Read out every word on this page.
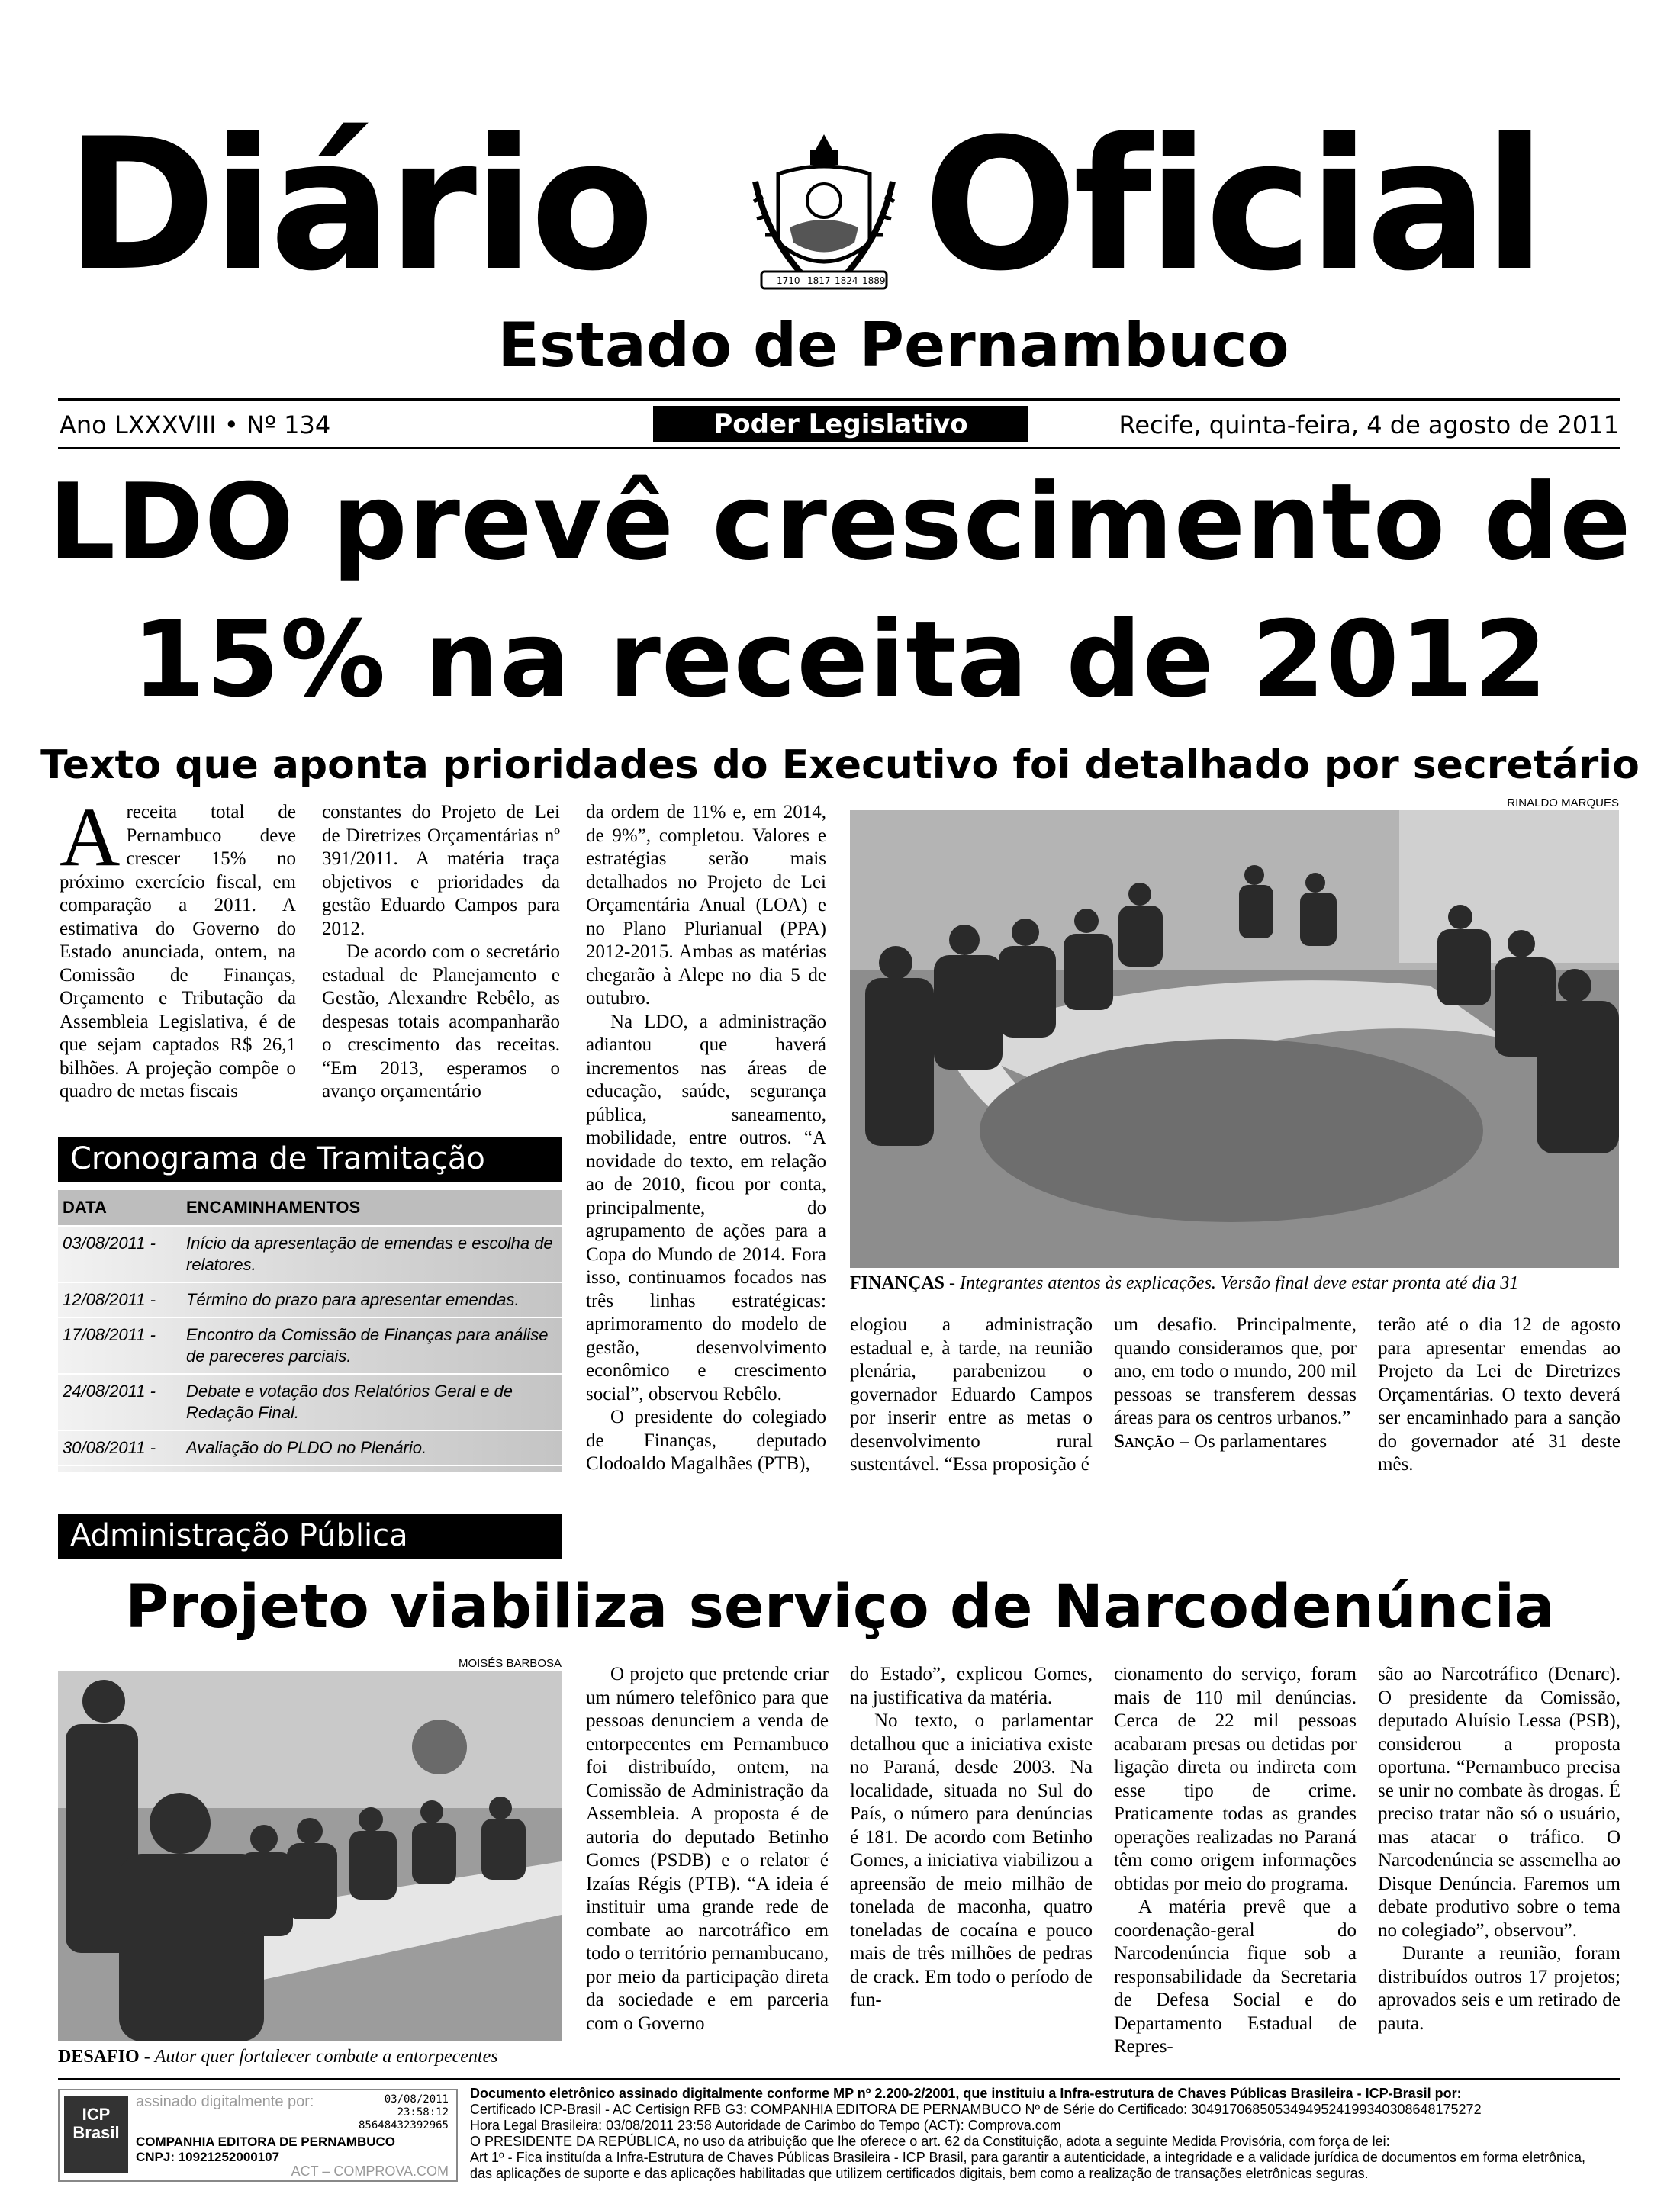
Diário	1710 1817 1824 1889 Oficial
Estado de Pernambuco
Ano LXXXVIII • Nº 134	Poder Legislativo	Recife, quinta-feira, 4 de agosto de 2011
LDO prevê crescimento de
15% na receita de 2012
Texto que aponta prioridades do Executivo foi detalhado por secretário

Areceita total de Pernambuco deve crescer 15% no próximo exercício fiscal, em comparação a 2011. A estimativa do Governo do Estado anunciada, ontem, na Comissão de Finanças, Orçamento e Tributação da Assembleia Legislativa, é de que sejam captados R$ 26,1 bilhões. A projeção compõe o quadro de metas fiscais

constantes do Projeto de Lei de Diretrizes Orçamentárias nº 391/2011. A matéria traça objetivos e prioridades da gestão Eduardo Campos para 2012.

De acordo com o secretário estadual de Planejamento e Gestão, Alexandre Rebêlo, as despesas totais acompanharão o crescimento das receitas. “Em 2013, esperamos o avanço orçamentário

Cronograma de Tramitação
DATA	ENCAMINHAMENTOS
03/08/2011 -	Início da apresentação de emendas e escolha de relatores.
12/08/2011 -	Término do prazo para apresentar emendas.
17/08/2011 -	Encontro da Comissão de Finanças para análise de pareceres parciais.
24/08/2011 -	Debate e votação dos Relatórios Geral e de Redação Final.
30/08/2011 -	Avaliação do PLDO no Plenário.

da ordem de 11% e, em 2014, de 9%”, completou. Valores e estratégias serão mais detalhados no Projeto de Lei Orçamentária Anual (LOA) e no Plano Plurianual (PPA) 2012-2015. Ambas as matérias chegarão à Alepe no dia 5 de outubro.

Na LDO, a administração adiantou que haverá incrementos nas áreas de educação, saúde, segurança pública, saneamento, mobilidade, entre outros. “A novidade do texto, em relação ao de 2010, ficou por conta, principalmente, do agrupamento de ações para a Copa do Mundo de 2014. Fora isso, continuamos focados nas três linhas estratégicas: aprimoramento do modelo de gestão, desenvolvimento econômico e crescimento social”, observou Rebêlo.

O presidente do colegiado de Finanças, deputado Clodoaldo Magalhães (PTB),

RINALDO MARQUES
FINANÇAS - Integrantes atentos às explicações. Versão final deve estar pronta até dia 31

elogiou a administração estadual e, à tarde, na reunião plenária, parabenizou o governador Eduardo Campos por inserir entre as metas o desenvolvimento rural sustentável. “Essa proposição é

um desafio. Principalmente, quando consideramos que, por ano, em todo o mundo, 200 mil pessoas se transferem dessas áreas para os centros urbanos.”

Sanção – Os parlamentares

terão até o dia 12 de agosto para apresentar emendas ao Projeto da Lei de Diretrizes Orçamentárias. O texto deverá ser encaminhado para a sanção do governador até 31 deste mês.

Administração Pública
Projeto viabiliza serviço de Narcodenúncia
MOISÉS BARBOSA
DESAFIO - Autor quer fortalecer combate a entorpecentes

O projeto que pretende criar um número telefônico para que pessoas denunciem a venda de entorpecentes em Pernambuco foi distribuído, ontem, na Comissão de Administração da Assembleia. A proposta é de autoria do deputado Betinho Gomes (PSDB) e o relator é Izaías Régis (PTB). “A ideia é instituir uma grande rede de combate ao narcotráfico em todo o território pernambucano, por meio da participação direta da sociedade e em parceria com o Governo

do Estado”, explicou Gomes, na justificativa da matéria.

No texto, o parlamentar detalhou que a iniciativa existe no Paraná, desde 2003. Na localidade, situada no Sul do País, o número para denúncias é 181. De acordo com Betinho Gomes, a iniciativa viabilizou a apreensão de meio milhão de tonelada de maconha, quatro toneladas de cocaína e pouco mais de três milhões de pedras de crack. Em todo o período de fun-

cionamento do serviço, foram mais de 110 mil denúncias. Cerca de 22 mil pessoas acabaram presas ou detidas por ligação direta ou indireta com esse tipo de crime. Praticamente todas as grandes operações realizadas no Paraná têm como origem informações obtidas por meio do programa.

A matéria prevê que a coordenação-geral do Narcodenúncia fique sob a responsabilidade da Secretaria de Defesa Social e do Departamento Estadual de Repres-

são ao Narcotráfico (Denarc). O presidente da Comissão, deputado Aluísio Lessa (PSB), considerou a proposta oportuna. “Pernambuco precisa se unir no combate às drogas. É preciso tratar não só o usuário, mas atacar o tráfico. O Narcodenúncia se assemelha ao Disque Denúncia. Faremos um debate produtivo sobre o tema no colegiado”, observou”.

Durante a reunião, foram distribuídos outros 17 projetos; aprovados seis e um retirado de pauta.

ICP Brasil
assinado digitalmente por:	03/08/2011
23:58:12
85648432392965
COMPANHIA EDITORA DE PERNAMBUCO
CNPJ: 10921252000107
ACT – COMPROVA.COM
Documento eletrônico assinado digitalmente conforme MP nº 2.200-2/2001, que instituiu a Infra-estrutura de Chaves Públicas Brasileira - ICP-Brasil por:
Certificado ICP-Brasil - AC Certisign RFB G3: COMPANHIA EDITORA DE PERNAMBUCO Nº de Série do Certificado: 3049170685053494952419934030864817527​2
Hora Legal Brasileira: 03/08/2011 23:58 Autoridade de Carimbo do Tempo (ACT): Comprova.com
O PRESIDENTE DA REPÚBLICA, no uso da atribuição que lhe oferece o art. 62 da Constituição, adota a seguinte Medida Provisória, com força de lei:
Art 1º - Fica instituída a Infra-Estrutura de Chaves Públicas Brasileira - ICP Brasil, para garantir a autenticidade, a integridade e a validade jurídica de documentos em forma eletrônica,
das aplicações de suporte e das aplicações habilitadas que utilizem certificados digitais, bem como a realização de transações eletrônicas seguras.
